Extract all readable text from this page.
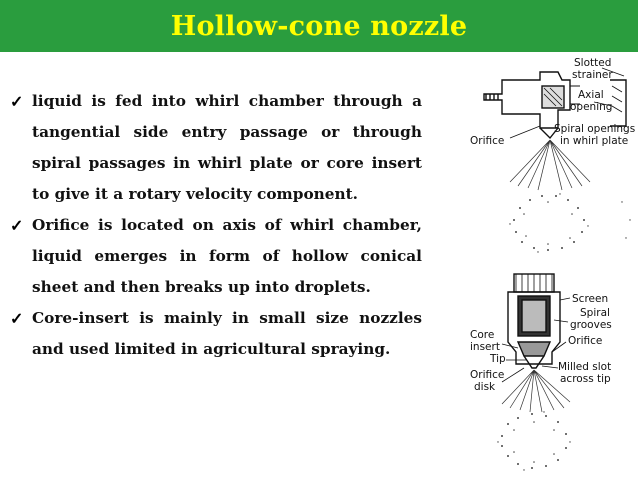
Hollow-cone nozzle
✓ liquid is fed into whirl chamber through a tangential side entry passage or through spiral passages in whirl plate or core insert to give it a rotary velocity component.
✓ Orifice is located on axis of whirl chamber, liquid emerges in form of hollow conical sheet and then breaks up into droplets.
✓ Core-insert is mainly in small size nozzles and used limited in agricultural spraying.
Slotted
strainer
Axial
opening
Orifice
Spiral openings
in whirl plate
Screen
Spiral
grooves
Core
insert	Orifice
Tip
Orifice
disk
Milled slot
across tip
